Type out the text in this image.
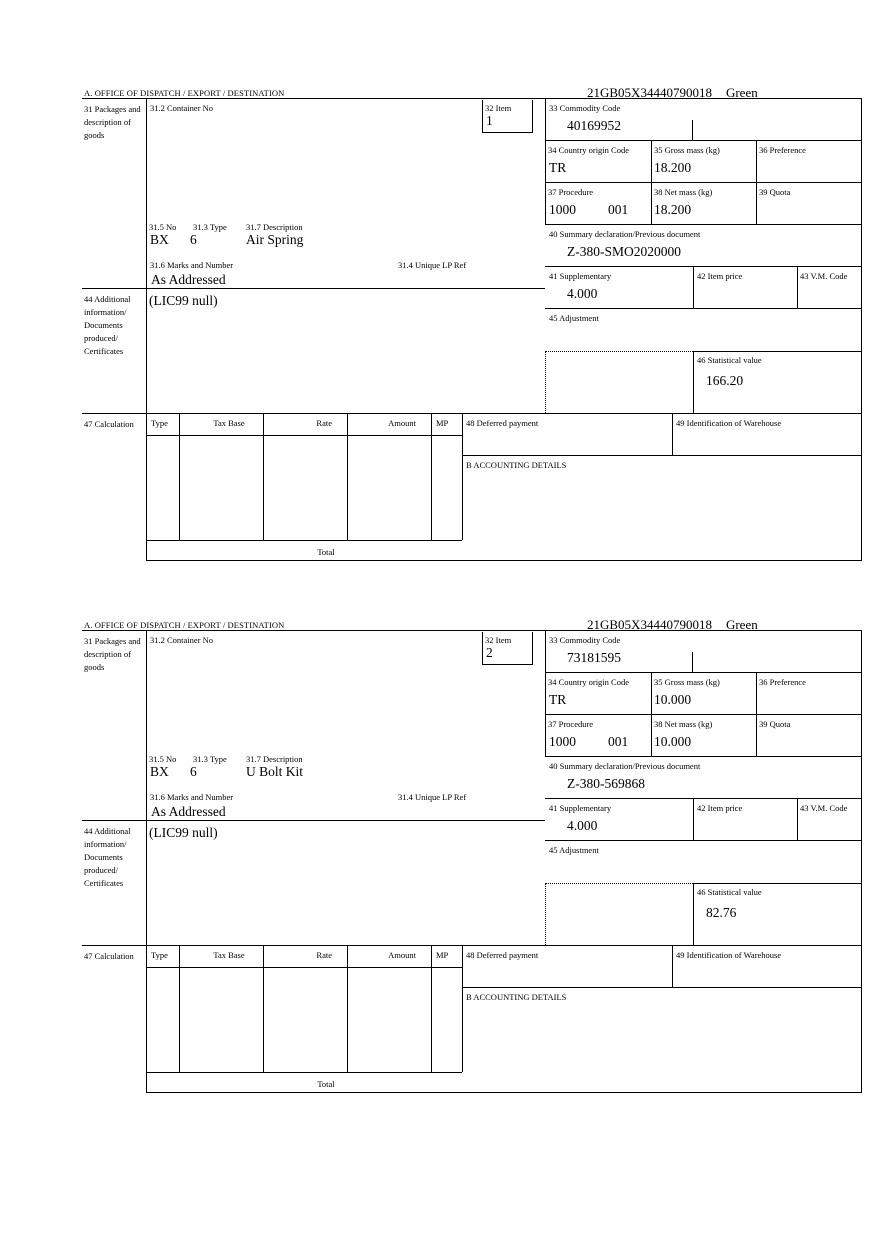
A. OFFICE OF DISPATCH / EXPORT / DESTINATION	21GB05X34440790018 Green
31 Packages and description of goods
44 Additional information/ Documents produced/ Certificates
47 Calculation
31.2 Container No	32 Item
1
31.5 No 31.3 Type 31.7 Description
BX 6	Air Spring
31.6 Marks and Number	31.4 Unique LP Ref
As Addressed
(LIC99 null)
33 Commodity Code
40169952
34 Country origin Code
TR
35 Gross mass (kg)
18.200
36 Preference
37 Procedure
1000 001
38 Net mass (kg)
18.200
39 Quota
40 Summary declaration/Previous document
Z-380-SMO2020000
41 Supplementary
4.000
42 Item price	43 V.M. Code
45 Adjustment
46 Statistical value
166.20
Type	Tax Base	Rate	Amount MP
Total
48 Deferred payment	49 Identification of Warehouse
B ACCOUNTING DETAILS
A. OFFICE OF DISPATCH / EXPORT / DESTINATION	21GB05X34440790018 Green
31 Packages and description of goods
44 Additional information/ Documents produced/ Certificates
47 Calculation
31.2 Container No	32 Item
2
31.5 No 31.3 Type 31.7 Description
BX 6	U Bolt Kit
31.6 Marks and Number	31.4 Unique LP Ref
As Addressed
(LIC99 null)
33 Commodity Code
73181595
34 Country origin Code
TR
35 Gross mass (kg)
10.000
36 Preference
37 Procedure
1000 001
38 Net mass (kg)
10.000
39 Quota
40 Summary declaration/Previous document
Z-380-569868
41 Supplementary
4.000
42 Item price	43 V.M. Code
45 Adjustment
46 Statistical value
82.76
Type	Tax Base	Rate	Amount MP
Total
48 Deferred payment	49 Identification of Warehouse
B ACCOUNTING DETAILS
